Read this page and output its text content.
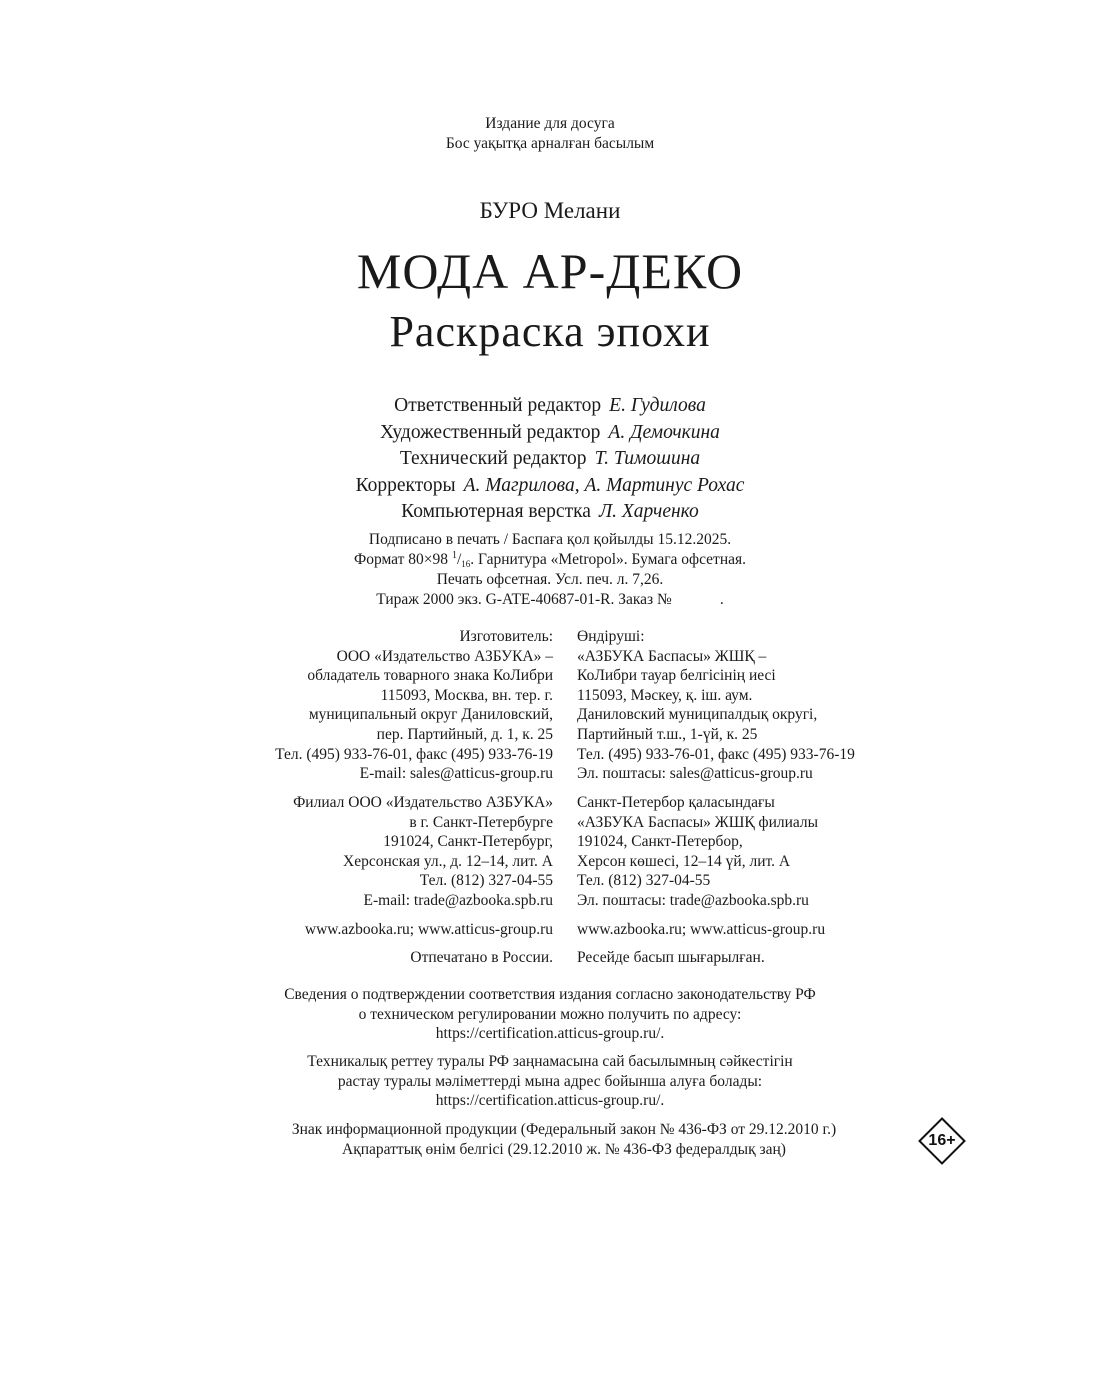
Издание для досуга
Бос уақытқа арналған басылым
БУРО Мелани
МОДА АР-ДЕКО
Раскраска эпохи
Ответственный редактор Е. Гудилова
Художественный редактор А. Демочкина
Технический редактор Т. Тимошина
Корректоры А. Магрилова, А. Мартинус Рохас
Компьютерная верстка Л. Харченко
Подписано в печать / Баспаға қол қойылды 15.12.2025.
Формат 80×98 $^1/_{16}$. Гарнитура «Metropol». Бумага офсетная.
Печать офсетная. Усл. печ. л. 7,26.
Тираж 2000 экз. G-ATE-40687-01-R. Заказ №	.
Изготовитель:
ООО «Издательство АЗБУКА» –
обладатель товарного знака КоЛибри
115093, Москва, вн. тер. г.
муниципальный округ Даниловский,
пер. Партийный, д. 1, к. 25
Тел. (495) 933-76-01, факс (495) 933-76-19
E-mail: sales@atticus-group.ru
Өндіруші:
«АЗБУКА Баспасы» ЖШҚ –
КоЛибри тауар белгісінің иесі
115093, Мәскеу, қ. іш. аум.
Даниловский муниципалдық округі,
Партийный т.ш., 1-үй, к. 25
Тел. (495) 933-76-01, факс (495) 933-76-19
Эл. поштасы: sales@atticus-group.ru
Филиал ООО «Издательство АЗБУКА»
в г. Санкт-Петербурге
191024, Санкт-Петербург,
Херсонская ул., д. 12–14, лит. А
Тел. (812) 327-04-55
E-mail: trade@azbooka.spb.ru
Санкт-Петербор қаласындағы
«АЗБУКА Баспасы» ЖШҚ филиалы
191024, Санкт-Петербор,
Херсон көшесі, 12–14 үй, лит. А
Тел. (812) 327-04-55
Эл. поштасы: trade@azbooka.spb.ru
www.azbooka.ru; www.atticus-group.ru www.azbooka.ru; www.atticus-group.ru
Отпечатано в России. Ресейде басып шығарылған.
Сведения о подтверждении соответствия издания согласно законодательству РФ
о техническом регулировании можно получить по адресу:
https://certification.atticus-group.ru/.
Техникалық реттеу туралы РФ заңнамасына сай басылымның сәйкестігін
растау туралы мәліметтерді мына адрес бойынша алуға болады:
https://certification.atticus-group.ru/.
Знак информационной продукции (Федеральный закон № 436-ФЗ от 29.12.2010 г.)
Ақпараттық өнім белгісі (29.12.2010 ж. № 436-ФЗ федералдық заң)
16+
